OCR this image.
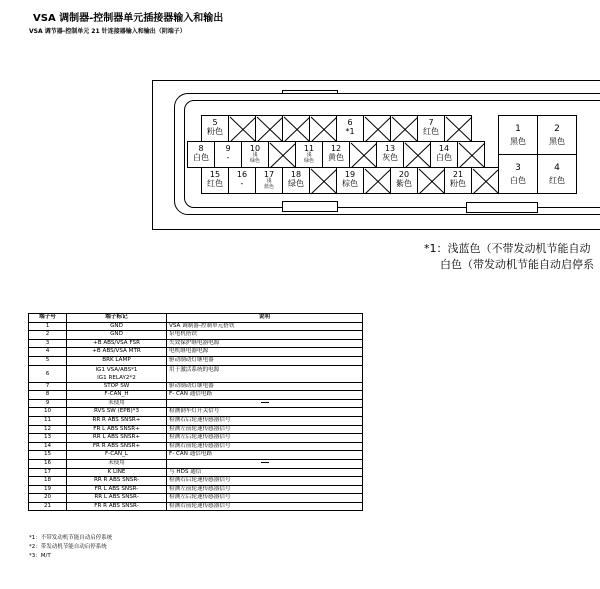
VSA 调制器-控制器单元插接器输入和输出
VSA 调节器-控制单元 21 针连接器输入和输出（阴端子）
5
粉色
6
*1
7
红色
8
白色
9
-
10
浅
绿色
11
浅
绿色
12
黄色
13
灰色
14
白色
15
红色
16
-
17
浅
蓝色
18
绿色
19
棕色
20
紫色
21
粉色
1
黑色
2
黑色
3
白色
4
红色
*1：浅蓝色（不带发动机节能自动
白色（带发动机节能自动启停系
端子号	端子标记	说明
1	GND	VSA 调制器-控制单元搭铁
2	GND	泵电机搭铁
3	+B ABS/VSA FSR	失效保护继电器电源
4	+B ABS/VSA MTR	电机继电器电源
5	BRK LAMP	驱动制动灯继电器
6	IG1 VSA/ABS*1
IG1 RELAY2*2	用于激活系统的电源
7	STOP SW	驱动制动灯继电器
8	F-CAN_H	F- CAN 通信电路
9	未使用	

10	RVS SW (EPB)*3	检测倒车灯开关信号
11	RR R ABS SNSR+	检测右后轮速传感器信号
12	FR L ABS SNSR+	检测左前轮速传感器信号
13	RR L ABS SNSR+	检测左后轮速传感器信号
14	FR R ABS SNSR+	检测右前轮速传感器信号
15	F-CAN_L	F- CAN 通信电路
16	未使用	

17	K LINE	与 HDS 通信
18	RR R ABS SNSR-	检测右后轮速传感器信号
19	FR L ABS SNSR-	检测左前轮速传感器信号
20	RR L ABS SNSR-	检测左后轮速传感器信号
21	FR R ABS SNSR-	检测右前轮速传感器信号
*1：不带发动机节能自动启停系统
*2：带发动机节能自动启停系统
*3：M/T
